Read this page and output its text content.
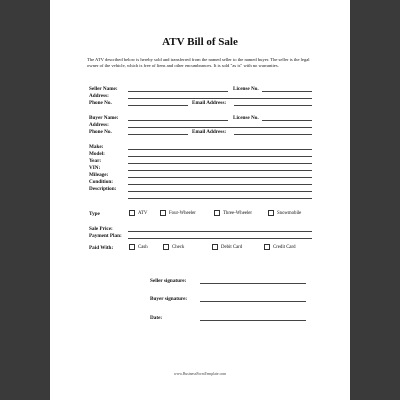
ATV Bill of Sale
The ATV described below is hereby sold and transferred from the named seller to the named buyer. The seller is the legal owner of the vehicle, which is free of liens and other encumbrances. It is sold "as is" with no warranties.
Seller Name:	License No.
Address:
Phone No.	Email Address:
Buyer Name:	License No.
Address:
Phone No.	Email Address:
Make:
Model:
Year:
VIN:
Mileage:
Condition:
Description:
Type	ATV	Four-Wheeler	Three-Wheeler	Snowmobile
Sale Price:
Payment Plan:
Paid With:	Cash	Check	Debit Card	Credit Card
Seller signature:
Buyer signature:
Date:
www.BusinessFormTemplate.com
